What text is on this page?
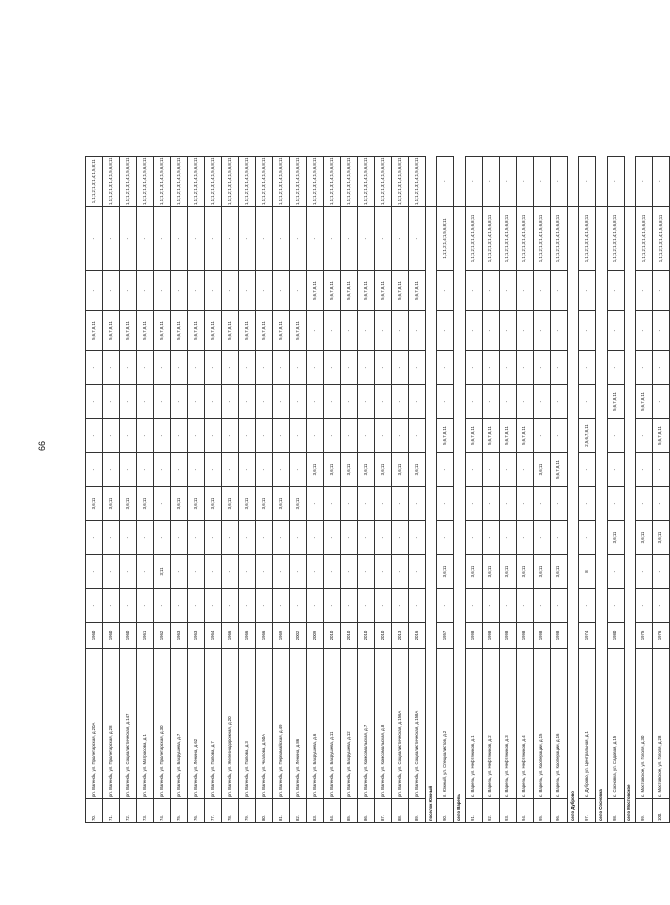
66
70.	рп. Вareнdь, ул. Пролетарская, д.20А	1960	-	-	-	3,6;11	-	-	-	-	5,6,7,8,11	-	-	1,1;1,2;1,3;1,4;1,5,8;11
71.	рп. Вareнdь, ул. Пролетарская, д.28	1960	-	-	-	3,6;11	-	-	-	-	5,6,7,8,11	-	-	1,1;1,2;1,3;1,4;1,5,6,8;11
72.	рп. Вareнdь, ул. Социалистическая, д.147	1960	-	-	-	3,6;11	-	-	-	-	5,6,7,8,11	-	-	1,1;1,2;1,3;1,4;1,5,6,8;11
73.	рп. Вareнdь, ул. Матросова, д.1	1961	-	-	-	3,6;11	-	-	-	-	5,6,7,8,11	-	-	1,1;1,2;1,3;1,4;1,5,6,8;11
74.	рп. Вareнdь, ул. Пролетарская, д.30	1962	-	3;11	-	-	-	-	-	-	5,6,7,8,11	-	-	1,1;1,2;1,3;1,4;1,5,6,8;11
75.	рп. Вareнdь, ул. Бахрушева, д.7	1963	-	-	-	3,6;11	-	-	-	-	5,6,7,8,11	-	-	1,1;1,2;1,3;1,4;1,5,6,8;11
76.	рп. Вareнdь, ул. Ленина, д.62	1963	-	-	-	3,6;11	-	-	-	-	5,6,7,8,11	-	-	1,1;1,2;1,3;1,4;1,5,6,8;11
77.	рп. Вareнdь, ул. Попова, д.7	1964	-	-	-	3,6;11	-	-	-	-	5,6,7,8,11	-	-	1,1;1,2;1,3;1,4;1,5,6,8;11
78.	рп. Вareнdь, ул. Железнодорожная, д.20	1966	-	-	-	3,6;11	-	-	-	-	5,6,7,8,11	-	-	1,1;1,2;1,3;1,4;1,5,6,8;11
79.	рп. Вareнdь, ул. Попова, д.3	1966	-	-	-	3,6;11	-	-	-	-	5,6,7,8,11	-	-	1,1;1,2;1,3;1,4;1,5,6,8;11
80.	рп. Вareнdь, ул. Чкалова, д.50А	1966	-	-	-	3,6;11	-	-	-	-	5,6,7,8,11	-	-	1,1;1,2;1,3;1,4;1,5,6,8;11
81.	рп. Вareнdь, ул. Первомайская, д.49	1969	-	-	-	3,6;11	-	-	-	-	5,6,7,8,11	-	-	1,1;1,2;1,3;1,4;1,5,6,8;11
82.	рп. Вareнdь, ул. Ленина, д.86	2002	-	-	-	3,6;11	-	-	-	-	5,6,7,8,11	-	-	1,1;1,2;1,3;1,4;1,5,6,8;11
83.	рп. Вareнdь, ул. Бахрушева, д.6	2009	-	-	-	-	3,6;11	-	-	-	-	5,6,7,8,11	-	1,1;1,2;1,3;1,4;1,5,6,8;11
84.	рп. Вareнdь, ул. Бахрушева, д.11	2010	-	-	-	-	3,6;11	-	-	-	-	5,6,7,8,11	-	1,1;1,2;1,3;1,4;1,5,6,8;11
85.	рп. Вareнdь, ул. Бахрушева, д.12	2010	-	-	-	-	3,6;11	-	-	-	-	5,6,7,8,11	-	1,1;1,2;1,3;1,4;1,5,6,8;11
86.	рп. Вareнdь, ул. Комсомольская, д.7	2010	-	-	-	-	3,6;11	-	-	-	-	5,6,7,8,11	-	1,1;1,2;1,3;1,4;1,5,6,8;11
87.	рп. Вareнdь, ул. Комсомольская, д.8	2010	-	-	-	-	3,6;11	-	-	-	-	5,6,7,8,11	-	1,1;1,2;1,3;1,4;1,5,6,8;11
88.	рп. Вareнdь, ул. Социалистическая, д.156А	2013	-	-	-	-	3,6;11	-	-	-	-	5,6,7,8,11	-	1,1;1,2;1,3;1,4;1,5,6,8;11
89.	рп. Вareнdь, ул. Социалистическая, д.158А	2016	-	-	-	-	3,6;11	-	-	-	-	5,6,7,8,11	-	1,1;1,2;1,3;1,4;1,5,6,8;11
поселок Южный														
90.	п. Южный, ул. Специалистов, д.2	1957	-	3,6;11	-	-	-	5,6,7,8,11	-	-	-	-	1,1;1,2;1,4;1,5,6,8;11	-
село Вареnь														
91.	с. Вареnь, ул. Нефтяников, д.1	1998	-	3,6;11	-	-	-	5,6,7,8,11	-	-	-	-	1,1;1,2;1,3;1,4;1,5,6,8;11	-
92.	с. Вареnь, ул. Нефтяников, д.2	1998	-	3,6;11	-	-	-	5,6,7,8,11	-	-	-	-	1,1;1,2;1,3;1,4;1,5,6,8;11	-
93.	с. Вареnь, ул. Нефтяников, д.3	1998	-	3,6;11	-	-	-	5,6,7,8,11	-	-	-	-	1,1;1,2;1,3;1,4;1,5,6,8;11	-
94.	с. Вареnь, ул. Нефтяников, д.4	1998	-	3,6;11	-	-	-	5,6,7,8,11	-	-	-	-	1,1;1,2;1,3;1,4;1,5,6,8;11	-
95.	с. Вареnь, ул. Кооперации, д.15	1998	-	3,6;11	-	-	3,6;11	-	-	-	-	-	1,1;1,2;1,3;1,4;1,5,6,8;11	-
96.	с. Вареnь, ул. Кооперации, д.16	1998	-	3,6;11	-	-	5,6,7,8,11	-	-	-	-	-	1,1;1,2;1,3;1,4;1,5,6,8;11	-
село Дуброво														
97.	с. Дуброво, ул. Центральная, д.1	1974	-	8	-	-	-	2,5,6,7,8,11	-	-	-	-	1,1;1,2;1,3;1,4;1,5,6,8;11	-
село Сосновка														
98.	с. Сосновка, ул. Садовая, д.15	1980	-	-	3,6;11	-	-	-	5,6,7,8,11	-	-	-	1,1;1,2;1,3;1,4;1,5,6,8;11	-
село Мостовское														
99.	с. Мостовское, ул. Гоголя, д.30	1975	-	-	3,6;11	-	-	-	5,6,7,8,11	-	-	-	1,1;1,2;1,3;1,4;1,5,6,8;11	-
100.	с. Мостовское, ул. Гоголя, д.28	1976	-	-	3,6;11	-	-	5,6,7,8,11	-	-	-	-	1,1;1,2;1,3;1,4;1,5,6,8;11	-
